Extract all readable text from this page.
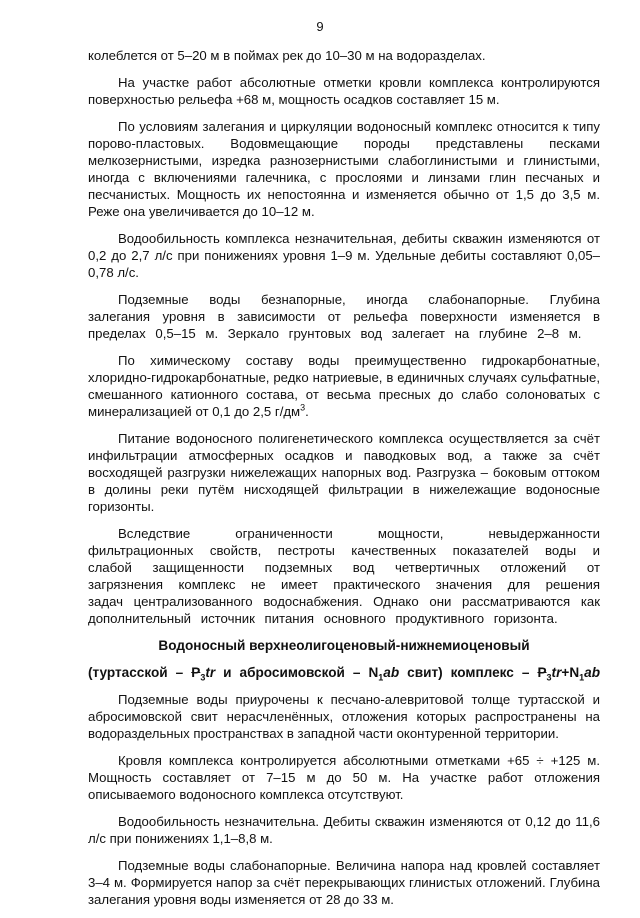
9

колеблется от 5–20 м в поймах рек до 10–30 м на водоразделах.

На участке работ абсолютные отметки кровли комплекса контролируются поверхностью рельефа +68 м, мощность осадков составляет 15 м.

По условиям залегания и циркуляции водоносный комплекс относится к типу порово-пластовых. Водовмещающие породы представлены песками мелкозернистыми, изредка разнозернистыми слабоглинистыми и глинистыми, иногда с включениями галечника, с прослоями и линзами глин песчаных и песчанистых. Мощность их непостоянна и изменяется обычно от 1,5 до 3,5 м. Реже она увеличивается до 10–12 м.

Водообильность комплекса незначительная, дебиты скважин изменяются от 0,2 до 2,7 л/с при понижениях уровня 1–9 м. Удельные дебиты составляют 0,05–0,78 л/с.

Подземные воды безнапорные, иногда слабонапорные. Глубина залегания уровня в зависимости от рельефа поверхности изменяется в пределах 0,5–15 м. Зеркало грунтовых вод залегает на глубине 2–8 м.

По химическому составу воды преимущественно гидрокарбонатные, хлоридно-гидрокарбонатные, редко натриевые, в единичных случаях сульфатные, смешанного катионного состава, от весьма пресных до слабо солоноватых с минерализацией от 0,1 до 2,5 $г/дм^3$.

Питание водоносного полигенетического комплекса осуществляется за счёт инфильтрации атмосферных осадков и паводковых вод, а также за счёт восходящей разгрузки нижележащих напорных вод. Разгрузка – боковым оттоком в долины реки путём нисходящей фильтрации в нижележащие водоносные горизонты.

Вследствие ограниченности мощности, невыдержанности фильтрационных свойств, пестроты качественных показателей воды и слабой защищенности подземных вод четвертичных отложений от загрязнения комплекс не имеет практического значения для решения задач централизованного водоснабжения. Однако они рассматриваются как дополнительный источник питания основного продуктивного горизонта.

Водоносный верхнеолигоценовый-нижнемиоценовый
(туртасской – $Р_3tr$ и абросимовской – $N_1ab$ свит) комплекс – $Р_3tr+N_1ab$

Подземные воды приурочены к песчано-алевритовой толще туртасской и абросимовской свит нерасчленённых, отложения которых распространены на водораздельных пространствах в западной части оконтуренной территории.

Кровля комплекса контролируется абсолютными отметками +65 ÷ +125 м. Мощность составляет от 7–15 м до 50 м. На участке работ отложения описываемого водоносного комплекса отсутствуют.

Водообильность незначительна. Дебиты скважин изменяются от 0,12 до 11,6 л/с при понижениях 1,1–8,8 м.

Подземные воды слабонапорные. Величина напора над кровлей составляет 3–4 м. Формируется напор за счёт перекрывающих глинистых отложений. Глубина залегания уровня воды изменяется от 28 до 33 м.
